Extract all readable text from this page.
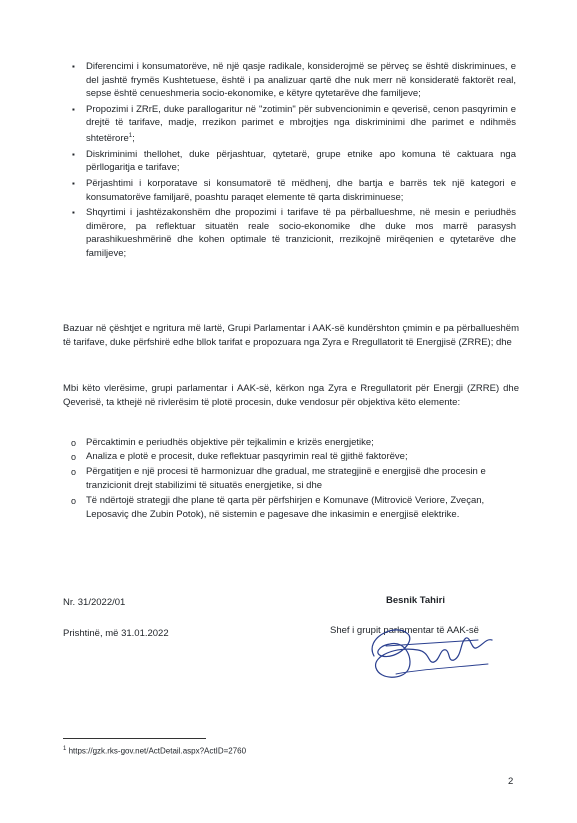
▪ Diferencimi i konsumatorëve, në një qasje radikale, konsiderojmë se përveç se është diskriminues, e del jashtë frymës Kushtetuese, është i pa analizuar qartë dhe nuk merr në konsideratë faktorët real, sepse është cenueshmeria socio-ekonomike, e këtyre qytetarëve dhe familjeve;
▪ Propozimi i ZRrE, duke parallogaritur në "zotimin" për subvencionimin e qeverisë, cenon pasqyrimin e drejtë të tarifave, madje, rrezikon parimet e mbrojtjes nga diskriminimi dhe parimet e ndihmës shtetërore$^1$;
▪ Diskriminimi thellohet, duke përjashtuar, qytetarë, grupe etnike apo komuna të caktuara nga përllogaritja e tarifave;
▪ Përjashtimi i korporatave si konsumatorë të mëdhenj, dhe bartja e barrës tek një kategori e konsumatorëve familjarë, poashtu paraqet elemente të qarta diskriminuese;
▪ Shqyrtimi i jashtëzakonshëm dhe propozimi i tarifave të pa përballueshme, në mesin e periudhës dimërore, pa reflektuar situatën reale socio-ekonomike dhe duke mos marrë parasysh parashikueshmërinë dhe kohen optimale të tranzicionit, rrezikojnë mirëqenien e qytetarëve dhe familjeve;

Bazuar në çështjet e ngritura më lartë, Grupi Parlamentar i AAK-së kundërshton çmimin e pa përballueshëm të tarifave, duke përfshirë edhe bllok tarifat e propozuara nga Zyra e Rregullatorit të Energjisë (ZRRE); dhe

Mbi këto vlerësime, grupi parlamentar i AAK-së, kërkon nga Zyra e Rregullatorit për Energji (ZRRE) dhe Qeverisë, ta kthejë në rivlerësim të plotë procesin, duke vendosur për objektiva këto elemente:

o Përcaktimin e periudhës objektive për tejkalimin e krizës energjetike;
o Analiza e plotë e procesit, duke reflektuar pasqyrimin real të gjithë faktorëve;
o Përgatitjen e një procesi të harmonizuar dhe gradual, me strategjinë e energjisë dhe procesin e tranzicionit drejt stabilizimi të situatës energjetike, si dhe
o Të ndërtojë strategji dhe plane të qarta për përfshirjen e Komunave (Mitrovicë Veriore, Zveçan, Leposaviç dhe Zubin Potok), në sistemin e pagesave dhe inkasimin e energjisë elektrike.
Nr. 31/2022/01
Prishtinë, më 31.01.2022
Besnik Tahiri
Shef i grupit parlamentar të AAK-së
$^1$ https://gzk.rks-gov.net/ActDetail.aspx?ActID=2760
2
